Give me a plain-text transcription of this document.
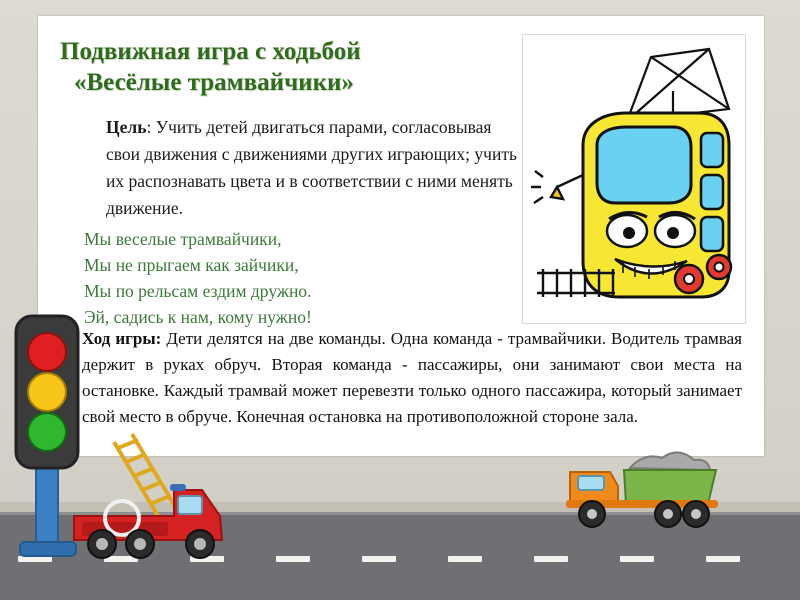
Подвижная игра с ходьбой
«Весёлые трамвайчики»
Цель: Учить детей двигаться парами, согласовывая свои движения с движениями других играющих; учить их распознавать цвета и в соответствии с ними менять движение.
Мы веселые трамвайчики,
Мы не прыгаем как зайчики,
Мы по рельсам ездим дружно.
Эй, садись к нам, кому нужно!
Ход игры: Дети делятся на две команды. Одна команда - трамвайчики. Водитель трамвая держит в руках обруч. Вторая команда - пассажиры, они занимают свои места на остановке. Каждый трамвай может перевезти только одного пассажира, который занимает свой место в обруче. Конечная остановка на противоположной стороне зала.
